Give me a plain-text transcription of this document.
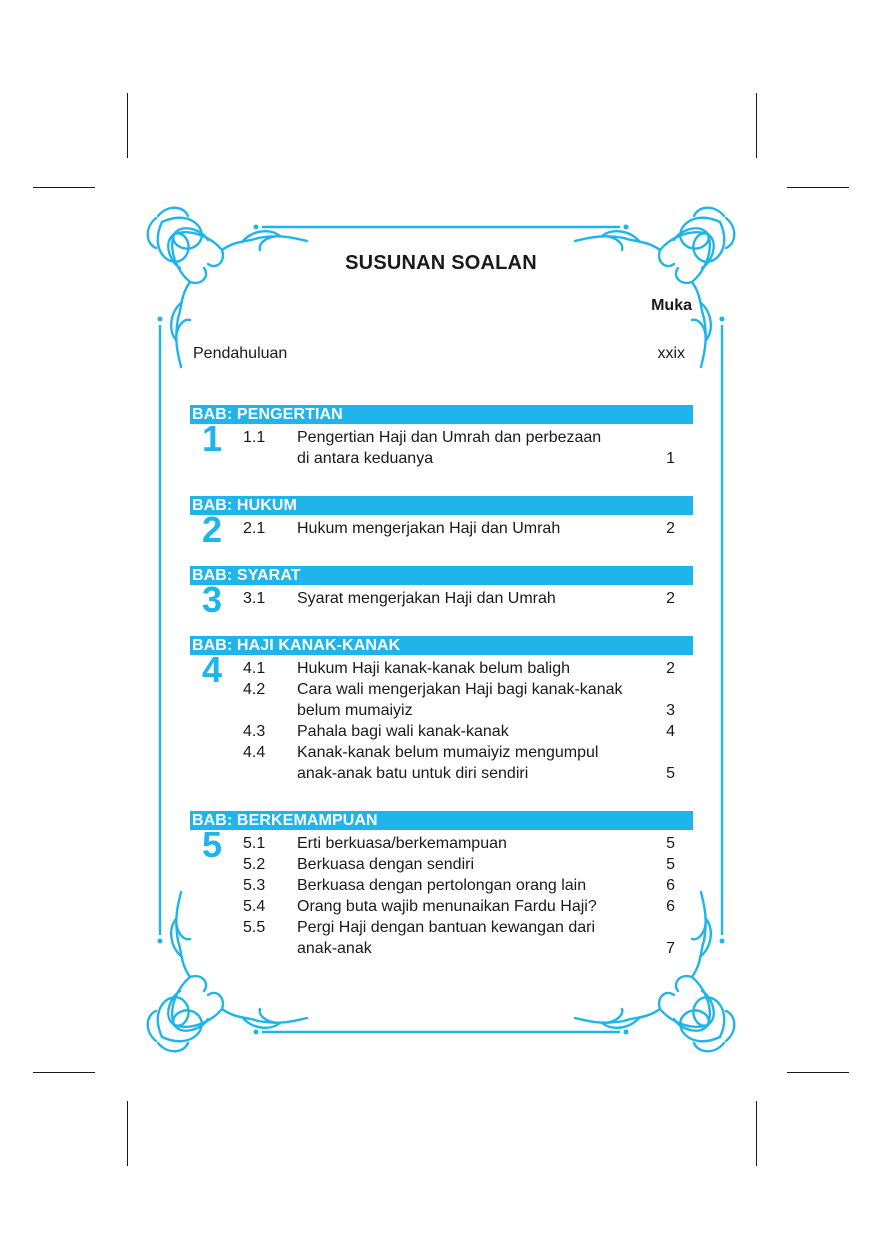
SUSUNAN SOALAN
Muka
Pendahuluan	xxix
BAB: PENGERTIAN
1 1.1 Pengertian Haji dan Umrah dan perbezaan
di antara keduanya	1
BAB: HUKUM
2 2.1 Hukum mengerjakan Haji dan Umrah	2
BAB: SYARAT
3 3.1 Syarat mengerjakan Haji dan Umrah	2
BAB: HAJI KANAK-KANAK
4 4.1 Hukum Haji kanak-kanak belum baligh	2
4.2 Cara wali mengerjakan Haji bagi kanak-kanak
belum mumaiyiz	3
4.3 Pahala bagi wali kanak-kanak	4
4.4 Kanak-kanak belum mumaiyiz mengumpul
anak-anak batu untuk diri sendiri	5
BAB: BERKEMAMPUAN
5 5.1 Erti berkuasa/berkemampuan	5
5.2 Berkuasa dengan sendiri	5
5.3 Berkuasa dengan pertolongan orang lain	6
5.4 Orang buta wajib menunaikan Fardu Haji?	6
5.5 Pergi Haji dengan bantuan kewangan dari
anak-anak	7
